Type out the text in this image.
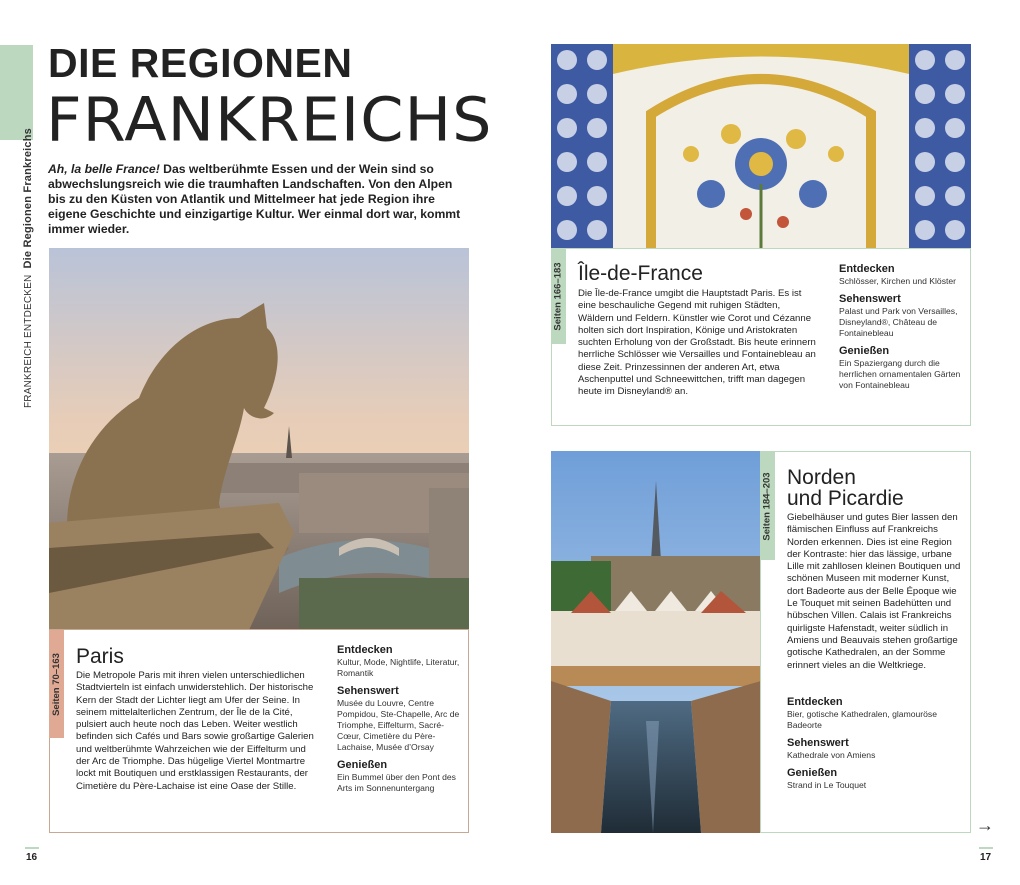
FRANKREICH ENTDECKENDie Regionen Frankreichs
DIE REGIONEN
FRANKREICHS
Ah, la belle France! Das weltberühmte Essen und der Wein sind so abwechslungsreich wie die traumhaften Landschaften. Von den Alpen bis zu den Küsten von Atlantik und Mittelmeer hat jede Region ihre eigene Geschichte und einzigartige Kultur. Wer einmal dort war, kommt immer wieder.
Seiten 70–163 Paris
Die Metropole Paris mit ihren vielen unterschiedlichen Stadtvierteln ist einfach unwiderstehlich. Der historische Kern der Stadt der Lichter liegt am Ufer der Seine. In seinem mittelalterlichen Zentrum, der Île de la Cité, pulsiert auch heute noch das Leben. Weiter westlich befinden sich Cafés und Bars sowie großartige Galerien und weltberühmte Wahrzeichen wie der Eiffelturm und der Arc de Triomphe. Das hügelige Viertel Montmartre lockt mit Boutiquen und erstklassigen Restaurants, der Cimetière du Père-Lachaise ist eine Oase der Stille.
Entdecken

Kultur, Mode, Nightlife, Literatur, Romantik

Sehenswert

Musée du Louvre, Centre Pompidou, Ste-Chapelle, Arc de Triomphe, Eiffelturm, Sacré-Cœur, Cimetière du Père-Lachaise, Musée d’Orsay

Genießen

Ein Bummel über den Pont des Arts im Sonnenuntergang

16
Seiten 166–183 Île-de-France
Die Île-de-France umgibt die Hauptstadt Paris. Es ist eine beschauliche Gegend mit ruhigen Städten, Wäldern und Feldern. Künstler wie Corot und Cézanne holten sich dort Inspiration, Könige und Aristokraten suchten Erholung von der Großstadt. Bis heute erinnern herrliche Schlösser wie Versailles und Fontainebleau an diese Zeit. Prinzessinnen der anderen Art, etwa Aschenputtel und Schneewittchen, trifft man dagegen heute im Disneyland® an.
Entdecken

Schlösser, Kirchen und Klöster

Sehenswert

Palast und Park von Versailles, Disneyland®, Château de Fontainebleau

Genießen

Ein Spaziergang durch die herrlichen ornamentalen Gärten von Fontainebleau

Seiten 184–203 Norden
und Picardie
Giebelhäuser und gutes Bier lassen den flämischen Einfluss auf Frankreichs Norden erkennen. Dies ist eine Region der Kontraste: hier das lässige, urbane Lille mit zahllosen kleinen Boutiquen und schönen Museen mit moderner Kunst, dort Badeorte aus der Belle Époque wie Le Touquet mit seinen Badehütten und hübschen Villen. Calais ist Frankreichs quirligste Hafenstadt, weiter südlich in Amiens und Beauvais stehen großartige gotische Kathedralen, an der Somme erinnert vieles an die Weltkriege.
Entdecken

Bier, gotische Kathedralen, glamouröse Badeorte

Sehenswert

Kathedrale von Amiens

Genießen

Strand in Le Touquet

→
17
